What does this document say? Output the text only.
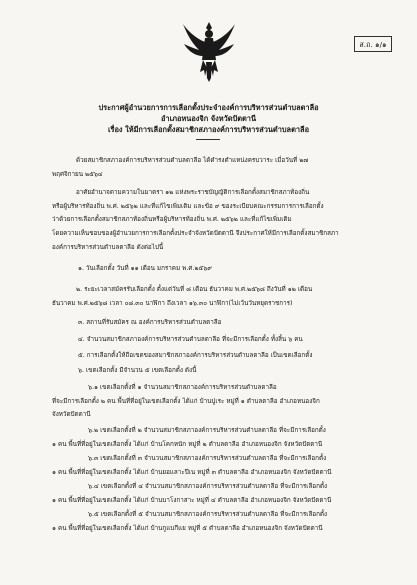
ส.ถ. ๑/๑
ประกาศผู้อำนวยการการเลือกตั้งประจำองค์การบริหารส่วนตำบลตาลีอ
อำเภอหนองจิก จังหวัดปัตตานี
เรื่อง ให้มีการเลือกตั้งสมาชิกสภาองค์การบริหารส่วนตำบลตาลีอ
ด้วยสมาชิกสภาองค์การบริหารส่วนตำบลตาลีอ ได้ดำรงตำแหน่งครบวาระ เมื่อวันที่ ๒๗
พฤศจิกายน ๒๕๖๔
อาศัยอำนาจตามความในมาตรา ๑๒ แห่งพระราชบัญญัติการเลือกตั้งสมาชิกสภาท้องถิ่น
หรือผู้บริหารท้องถิ่น พ.ศ. ๒๕๖๒ และที่แก้ไขเพิ่มเติม และข้อ ๙ ของระเบียบคณะกรรมการการเลือกตั้ง
ว่าด้วยการเลือกตั้งสมาชิกสภาท้องถิ่นหรือผู้บริหารท้องถิ่น พ.ศ. ๒๕๖๒ และที่แก้ไขเพิ่มเติม
โดยความเห็นชอบของผู้อำนวยการการเลือกตั้งประจำจังหวัดปัตตานี จึงประกาศให้มีการเลือกตั้งสมาชิกสภา
องค์การบริหารส่วนตำบลตาลีอ ดังต่อไปนี้
๑. วันเลือกตั้ง วันที่ ๑๑ เดือน มกราคม พ.ศ.๒๕๖๙
๒. ระยะเวลาสมัครรับเลือกตั้ง ตั้งแต่วันที่ ๘ เดือน ธันวาคม พ.ศ.๒๕๖๘ ถึงวันที่ ๑๒ เดือน
ธันวาคม พ.ศ.๒๕๖๘ เวลา ๐๘.๓๐ นาฬิกา ถึงเวลา ๑๖.๓๐ นาฬิกา(ไม่เว้นวันหยุดราชการ)
๓. สถานที่รับสมัคร ณ องค์การบริหารส่วนตำบลตาลีอ
๔. จำนวนสมาชิกสภาองค์การบริหารส่วนตำบลตาลีอ ที่จะมีการเลือกตั้ง ทั้งสิ้น ๖ คน
๕. การเลือกตั้งให้ถือเขตของสมาชิกสภาองค์การบริหารส่วนตำบลตาลีอ เป็นเขตเลือกตั้ง
๖. เขตเลือกตั้ง มีจำนวน ๕ เขตเลือกตั้ง ดังนี้
๖.๑ เขตเลือกตั้งที่ ๑ จำนวนสมาชิกสภาองค์การบริหารส่วนตำบลตาลีอ
ที่จะมีการเลือกตั้ง ๒ คน พื้นที่ที่อยู่ในเขตเลือกตั้ง ได้แก่ บ้านปูเระ หมู่ที่ ๑ ตำบลตาลีอ อำเภอหนองจิก
จังหวัดปัตตานี
๖.๒ เขตเลือกตั้งที่ ๒ จำนวนสมาชิกสภาองค์การบริหารส่วนตำบลตาลีอ ที่จะมีการเลือกตั้ง
๑ คน พื้นที่ที่อยู่ในเขตเลือกตั้ง ได้แก่ บ้านโคกหนัก หมู่ที่ ๒ ตำบลตาลีอ อำเภอหนองจิก จังหวัดปัตตานี
๖.๓ เขตเลือกตั้งที่ ๓ จำนวนสมาชิกสภาองค์การบริหารส่วนตำบลตาลีอ ที่จะมีการเลือกตั้ง
๑ คน พื้นที่ที่อยู่ในเขตเลือกตั้ง ได้แก่ บ้านยอแลาะปีเน หมู่ที่ ๓ ตำบลตาลีอ อำเภอหนองจิก จังหวัดปัตตานี
๖.๔ เขตเลือกตั้งที่ ๔ จำนวนสมาชิกสภาองค์การบริหารส่วนตำบลตาลีอ ที่จะมีการเลือกตั้ง
๑ คน พื้นที่ที่อยู่ในเขตเลือกตั้ง ได้แก่ บ้านบาโงกาสาะ หมู่ที่ ๔ ตำบลตาลีอ อำเภอหนองจิก จังหวัดปัตตานี
๖.๕ เขตเลือกตั้งที่ ๕ จำนวนสมาชิกสภาองค์การบริหารส่วนตำบลตาลีอ ที่จะมีการเลือกตั้ง
๑ คน พื้นที่ที่อยู่ในเขตเลือกตั้ง ได้แก่ บ้านกูแบกีแย หมู่ที่ ๕ ตำบลตาลีอ อำเภอหนองจิก จังหวัดปัตตานี
